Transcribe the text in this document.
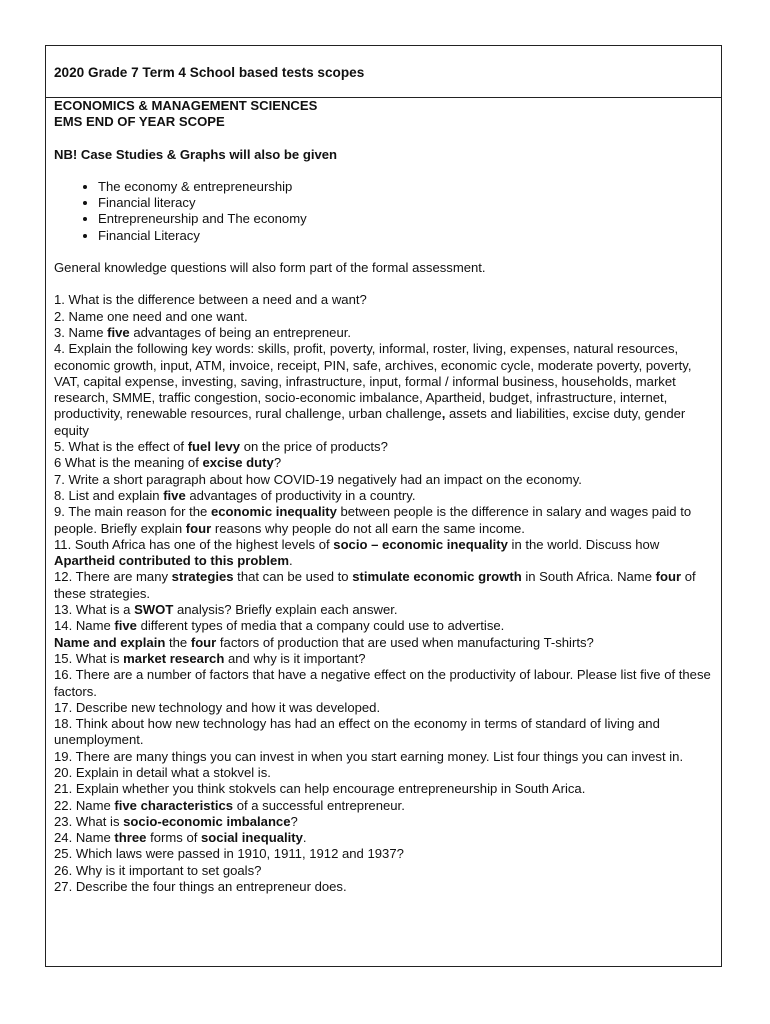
2020 Grade 7 Term 4 School based tests scopes
ECONOMICS & MANAGEMENT SCIENCES
EMS END OF YEAR SCOPE
NB! Case Studies & Graphs will also be given
• The economy & entrepreneurship
• Financial literacy
• Entrepreneurship and The economy
• Financial Literacy
General knowledge questions will also form part of the formal assessment.
1. What is the difference between a need and a want?
2. Name one need and one want.
3. Name five advantages of being an entrepreneur.
4. Explain the following key words: skills, profit, poverty, informal, roster, living, expenses, natural resources, economic growth, input, ATM, invoice, receipt, PIN, safe, archives, economic cycle, moderate poverty, poverty, VAT, capital expense, investing, saving, infrastructure, input, formal / informal business, households, market research, SMME, traffic congestion, socio-economic imbalance, Apartheid, budget, infrastructure, internet, productivity, renewable resources, rural challenge, urban challenge, assets and liabilities, excise duty, gender equity
5. What is the effect of fuel levy on the price of products?
6 What is the meaning of excise duty?
7. Write a short paragraph about how COVID-19 negatively had an impact on the economy.
8. List and explain five advantages of productivity in a country.
9. The main reason for the economic inequality between people is the difference in salary and wages paid to people. Briefly explain four reasons why people do not all earn the same income.
11. South Africa has one of the highest levels of socio – economic inequality in the world. Discuss how Apartheid contributed to this problem.
12. There are many strategies that can be used to stimulate economic growth in South Africa. Name four of these strategies.
13. What is a SWOT analysis? Briefly explain each answer.
14. Name five different types of media that a company could use to advertise.
Name and explain the four factors of production that are used when manufacturing T-shirts?
15. What is market research and why is it important?
16. There are a number of factors that have a negative effect on the productivity of labour. Please list five of these factors.
17. Describe new technology and how it was developed.
18. Think about how new technology has had an effect on the economy in terms of standard of living and unemployment.
19. There are many things you can invest in when you start earning money. List four things you can invest in.
20. Explain in detail what a stokvel is.
21. Explain whether you think stokvels can help encourage entrepreneurship in South Arica.
22. Name five characteristics of a successful entrepreneur.
23. What is socio-economic imbalance?
24. Name three forms of social inequality.
25. Which laws were passed in 1910, 1911, 1912 and 1937?
26. Why is it important to set goals?
27. Describe the four things an entrepreneur does.
